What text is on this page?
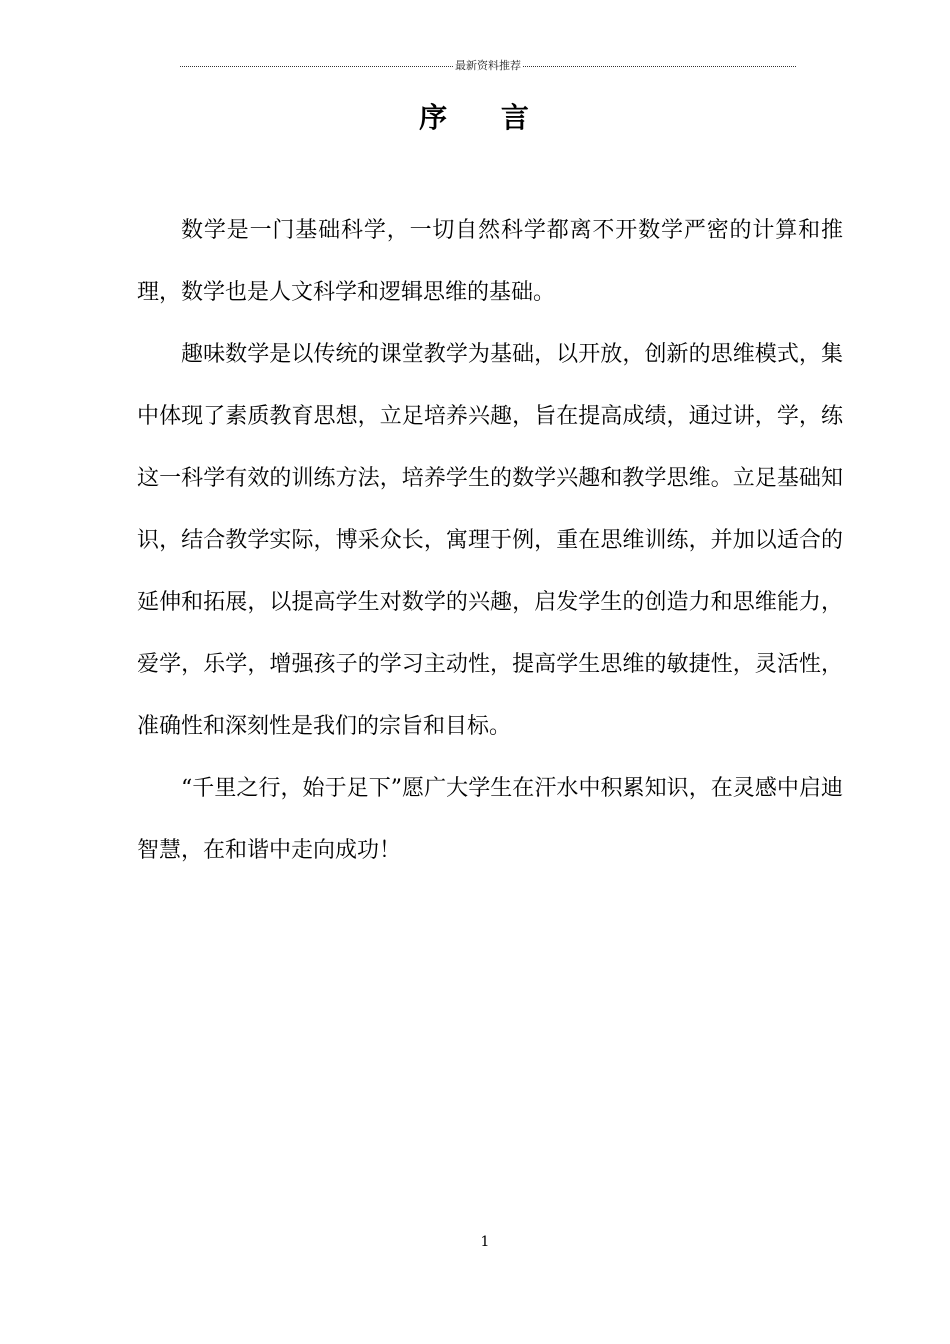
最新资料推荐
序 言

数学是一门基础科学，一切自然科学都离不开数学严密的计算和推理，数学也是人文科学和逻辑思维的基础。

趣味数学是以传统的课堂教学为基础，以开放，创新的思维模式，集中体现了素质教育思想，立足培养兴趣，旨在提高成绩，通过讲，学，练这一科学有效的训练方法，培养学生的数学兴趣和教学思维。立足基础知识，结合教学实际，博采众长，寓理于例，重在思维训练，并加以适合的延伸和拓展，以提高学生对数学的兴趣，启发学生的创造力和思维能力，爱学，乐学，增强孩子的学习主动性，提高学生思维的敏捷性，灵活性，准确性和深刻性是我们的宗旨和目标。

“千里之行，始于足下”愿广大学生在汗水中积累知识，在灵感中启迪智慧，在和谐中走向成功！

1
